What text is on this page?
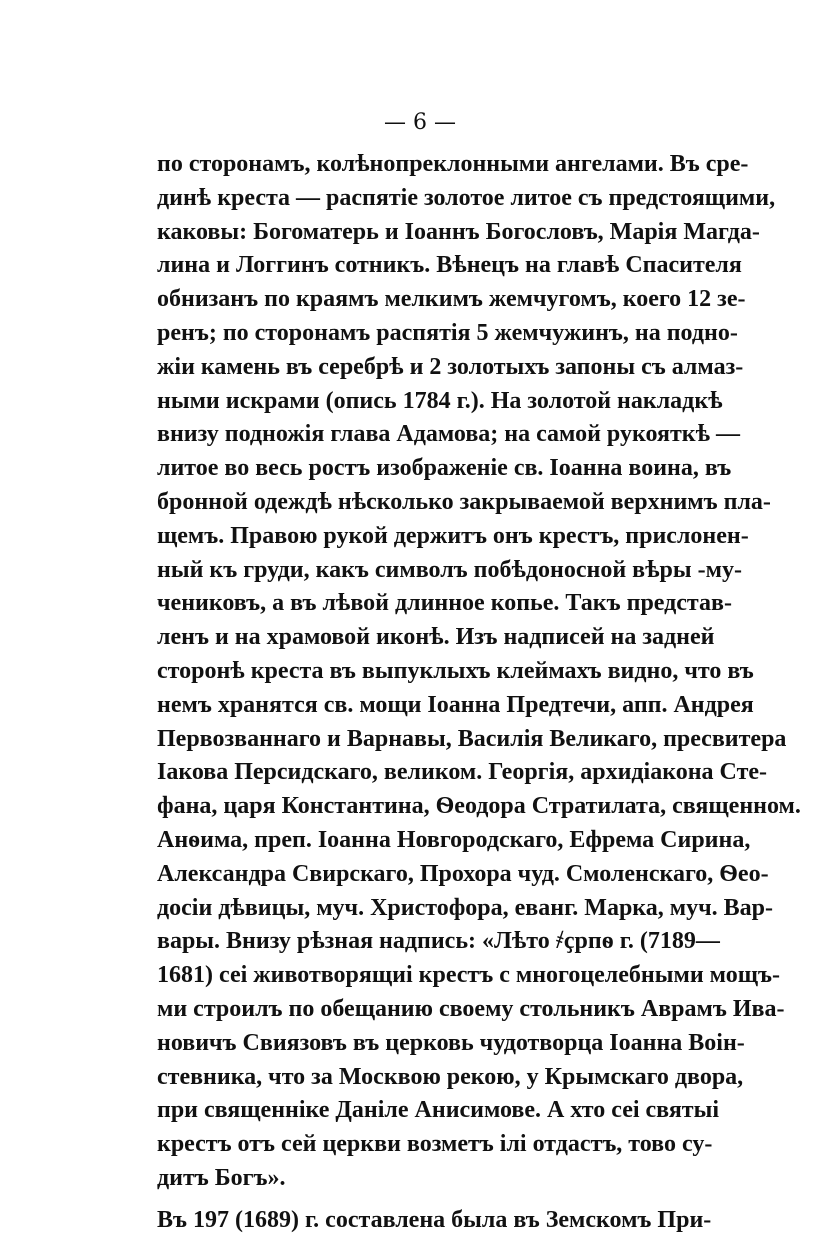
— 6 —
по сторонамъ, колѣнопреклонными ангелами. Въ сре-
динѣ креста — распятіе золотое литое съ предстоящими,
каковы: Богоматерь и Іоаннъ Богословъ, Марія Магда-
лина и Логгинъ сотникъ. Вѣнецъ на главѣ Спасителя
обнизанъ по краямъ мелкимъ жемчугомъ, коего 12 зе-
ренъ; по сторонамъ распятія 5 жемчужинъ, на подно-
жіи камень въ серебрѣ и 2 золотыхъ запоны съ алмаз-
ными искрами (опись 1784 г.). На золотой накладкѣ
внизу подножія глава Адамова; на самой рукояткѣ —
литое во весь ростъ изображеніе св. Іоанна воина, въ
бронной одеждѣ нѣсколько закрываемой верхнимъ пла-
щемъ. Правою рукой держитъ онъ крестъ, прислонен-
ный къ груди, какъ символъ побѣдоносной вѣры -му-
чениковъ, а въ лѣвой длинное копье. Такъ представ-
ленъ и на храмовой иконѣ. Изъ надписей на задней
сторонѣ креста въ выпуклыхъ клеймахъ видно, что въ
немъ хранятся св. мощи Іоанна Предтечи, апп. Андрея
Первозваннаго и Варнавы, Василія Великаго, пресвитера
Іакова Персидскаго, великом. Георгія, архидіакона Сте-
фана, царя Константина, Ѳеодора Стратилата, священном.
Анѳима, преп. Іоанна Новгородскаго, Ефрема Сирина,
Александра Свирскаго, Прохора чуд. Смоленскаго, Ѳео-
досіи дѣвицы, муч. Христофора, еванг. Марка, муч. Вар-
вары. Внизу рѣзная надпись: «Лѣто ҂ҫрпѳ г. (7189—
1681) сеі животворящиі крестъ с многоцелебными мощъ-
ми строилъ по обещанию своему стольникъ Аврамъ Ива-
новичъ Свиязовъ въ церковь чудотворца Іоанна Воін-
стевника, что за Москвою рекою, у Крымскаго двора,
при священніке Даніле Анисимове. А хто сеі святыі
крестъ отъ сей церкви возметъ ілі отдастъ, тово су-
дитъ Богъ».
Въ 197 (1689) г. составлена была въ Земскомъ При-
